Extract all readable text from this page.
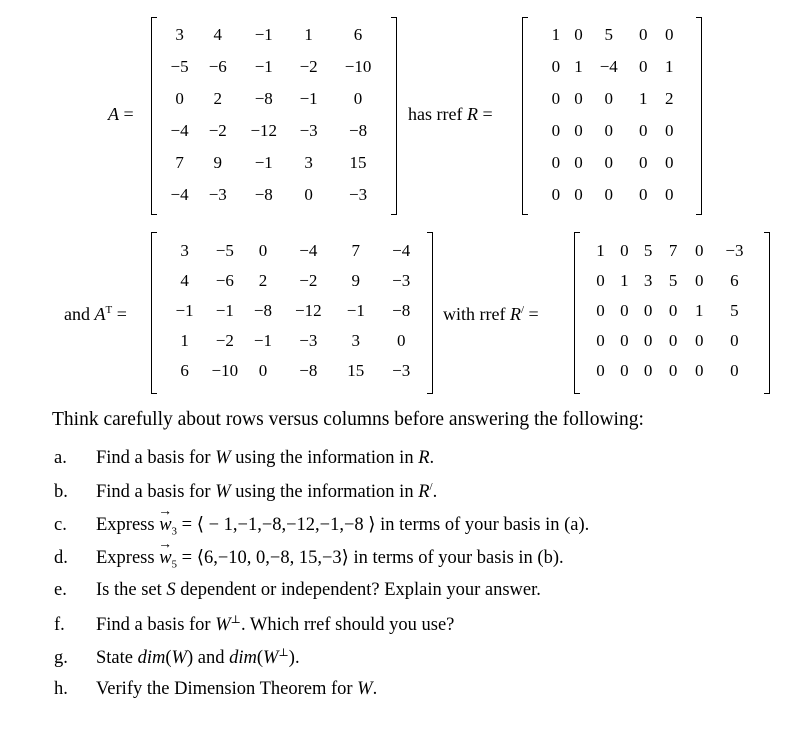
A =	has rref R =
and $A^T$ =	with rref R/ =
3	4	−1	1	6
−5	−6	−1	−2	−10
0	2	−8	−1	0
−4	−2	−12	−3	−8
7	9	−1	3	15
−4	−3	−8	0	−3
1	0	5	0	0
0	1	−4	0	1
0	0	0	1	2
0	0	0	0	0
0	0	0	0	0
0	0	0	0	0
3	−5	0	−4	7	−4
4	−6	2	−2	9	−3
−1	−1	−8	−12	−1	−8
1	−2	−1	−3	3	0
6	−10	0	−8	15	−3
1	0	5	7	0	−3
0	1	3	5	0	6
0	0	0	0	1	5
0	0	0	0	0	0
0	0	0	0	0	0
Think carefully about rows versus columns before answering the following:
a. Find a basis for W using the information in R.
b. Find a basis for W using the information in R/.
c. Express → $w_3$ = ⟨ − 1,−1,−8,−12,−1,−8 ⟩ in terms of your basis in (a).
d. Express → $w_5$ = ⟨6,−10, 0,−8, 15,−3⟩ in terms of your basis in (b).
e. Is the set S dependent or independent? Explain your answer.
f. Find a basis for W⊥. Which rref should you use?
g. State dim(W) and dim(W⊥).
h. Verify the Dimension Theorem for W.
